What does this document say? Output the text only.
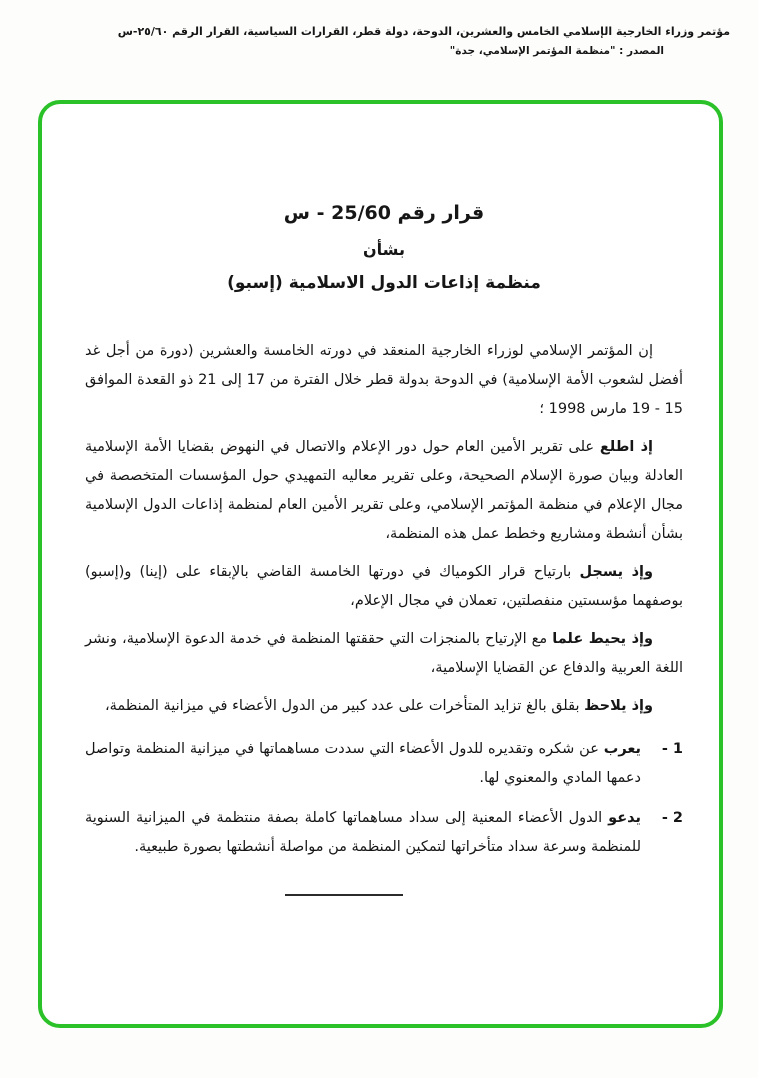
مؤتمر وزراء الخارجية الإسلامي الخامس والعشرين، الدوحة، دولة قطر، القرارات السياسية، القرار الرقم ٢٥/٦٠-س
المصدر : "منظمة المؤتمر الإسلامي، جدة"
قرار رقم 25/60 - س
بشأن
منظمة إذاعات الدول الاسلامية (إسبو)

إن المؤتمر الإسلامي لوزراء الخارجية المنعقد في دورته الخامسة والعشرين (دورة من أجل غد أفضل لشعوب الأمة الإسلامية) في الدوحة بدولة قطر خلال الفترة من 17 إلى 21 ذو القعدة الموافق 15 - 19 مارس 1998 ؛

إذ اطلع على تقرير الأمين العام حول دور الإعلام والاتصال في النهوض بقضايا الأمة الإسلامية العادلة وبيان صورة الإسلام الصحيحة، وعلى تقرير معاليه التمهيدي حول المؤسسات المتخصصة في مجال الإعلام في منظمة المؤتمر الإسلامي، وعلى تقرير الأمين العام لمنظمة إذاعات الدول الإسلامية بشأن أنشطة ومشاريع وخطط عمل هذه المنظمة،

وإذ يسجل بارتياح قرار الكومياك في دورتها الخامسة القاضي بالإبقاء على (إينا) و(إسبو) بوصفهما مؤسستين منفصلتين، تعملان في مجال الإعلام،

وإذ يحيط علما مع الإرتياح بالمنجزات التي حققتها المنظمة في خدمة الدعوة الإسلامية، ونشر اللغة العربية والدفاع عن القضايا الإسلامية،

وإذ يلاحظ بقلق بالغ تزايد المتأخرات على عدد كبير من الدول الأعضاء في ميزانية المنظمة،

1 -
يعرب عن شكره وتقديره للدول الأعضاء التي سددت مساهماتها في ميزانية المنظمة وتواصل دعمها المادي والمعنوي لها.
2 -
يدعو الدول الأعضاء المعنية إلى سداد مساهماتها كاملة بصفة منتظمة في الميزانية السنوية للمنظمة وسرعة سداد متأخراتها لتمكين المنظمة من مواصلة أنشطتها بصورة طبيعية.
